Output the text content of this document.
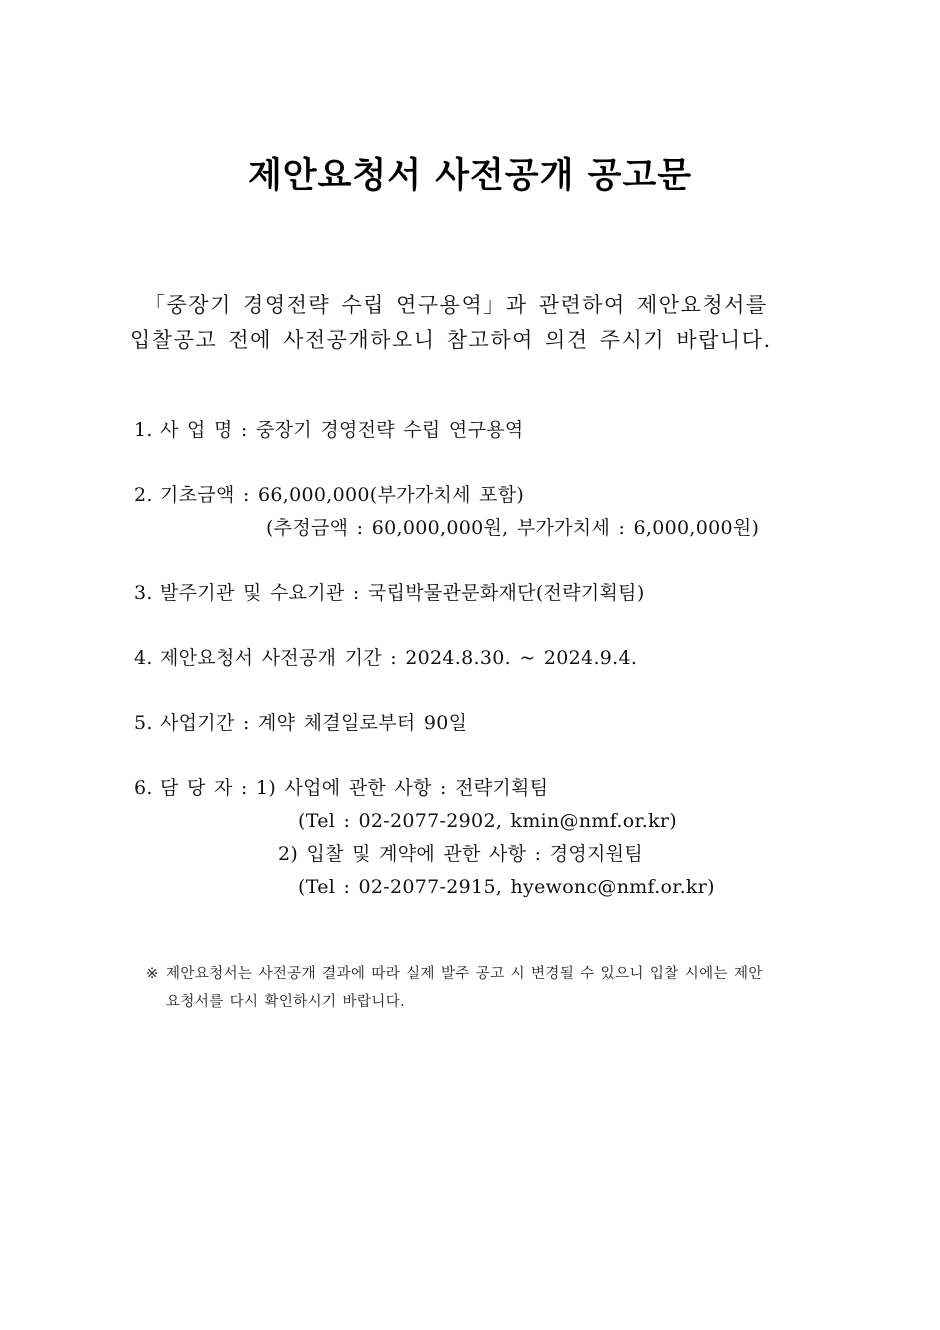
제안요청서 사전공개 공고문
「중장기 경영전략 수립 연구용역」과 관련하여 제안요청서를
입찰공고 전에 사전공개하오니 참고하여 의견 주시기 바랍니다.
1. 사 업 명 : 중장기 경영전략 수립 연구용역
2. 기초금액 : 66,000,000(부가가치세 포함)
(추정금액 : 60,000,000원, 부가가치세 : 6,000,000원)
3. 발주기관 및 수요기관 : 국립박물관문화재단(전략기획팀)
4. 제안요청서 사전공개 기간 : 2024.8.30. ~ 2024.9.4.
5. 사업기간 : 계약 체결일로부터 90일
6. 담 당 자 : 1) 사업에 관한 사항 : 전략기획팀
(Tel : 02-2077-2902, kmin@nmf.or.kr)
2) 입찰 및 계약에 관한 사항 : 경영지원팀
(Tel : 02-2077-2915, hyewonc@nmf.or.kr)
※ 제안요청서는 사전공개 결과에 따라 실제 발주 공고 시 변경될 수 있으니 입찰 시에는 제안
요청서를 다시 확인하시기 바랍니다.
